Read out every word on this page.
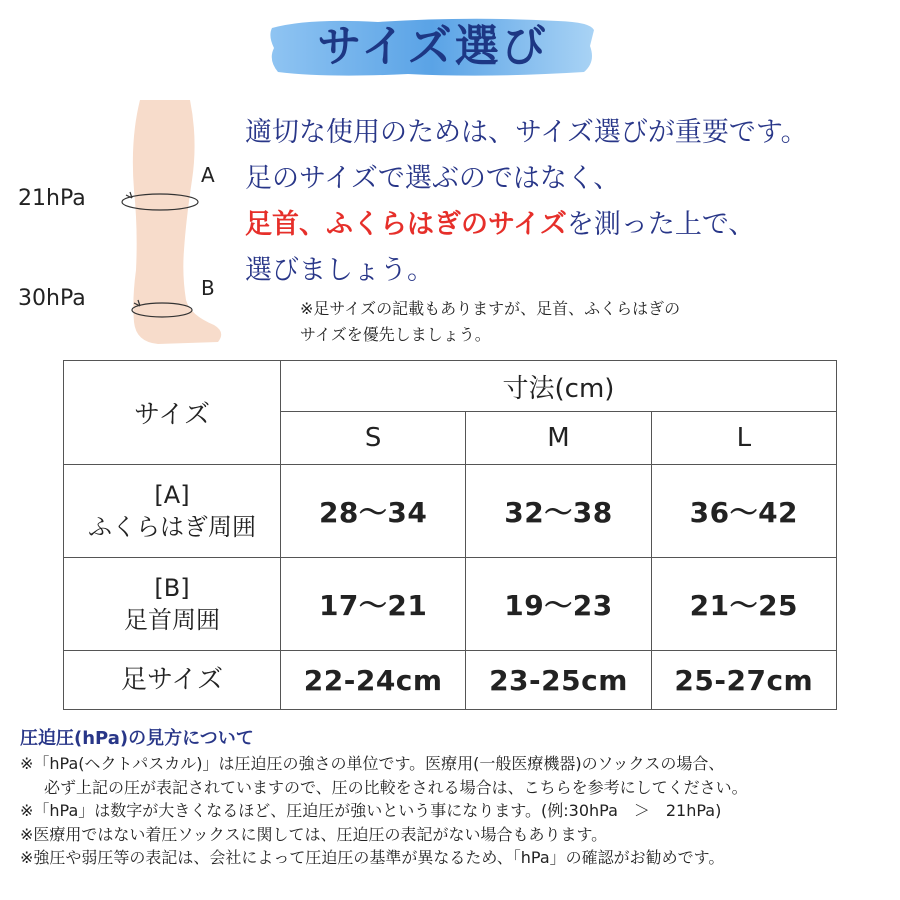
サイズ選び
21hPa
30hPa
A
B
適切な使用のためは、サイズ選びが重要です。
足のサイズで選ぶのではなく、
足首、ふくらはぎのサイズを測った上で、
選びましょう。
※足サイズの記載もありますが、足首、ふくらはぎの
サイズを優先しましょう。
サイズ	寸法(cm)		
	S	M	L

[A]
ふくらはぎ周囲	28〜34	32〜38	36〜42

[B]
足首周囲	17〜21	19〜23	21〜25
足サイズ	22-24cm	23-25cm	25-27cm
圧迫圧(hPa)の見方について
※「hPa(ヘクトパスカル)」は圧迫圧の強さの単位です。医療用(一般医療機器)のソックスの場合、
必ず上記の圧が表記されていますので、圧の比較をされる場合は、こちらを参考にしてください。
※「hPa」は数字が大きくなるほど、圧迫圧が強いという事になります。(例:30hPa　＞　21hPa)
※医療用ではない着圧ソックスに関しては、圧迫圧の表記がない場合もあります。
※強圧や弱圧等の表記は、会社によって圧迫圧の基準が異なるため、「hPa」の確認がお勧めです。
